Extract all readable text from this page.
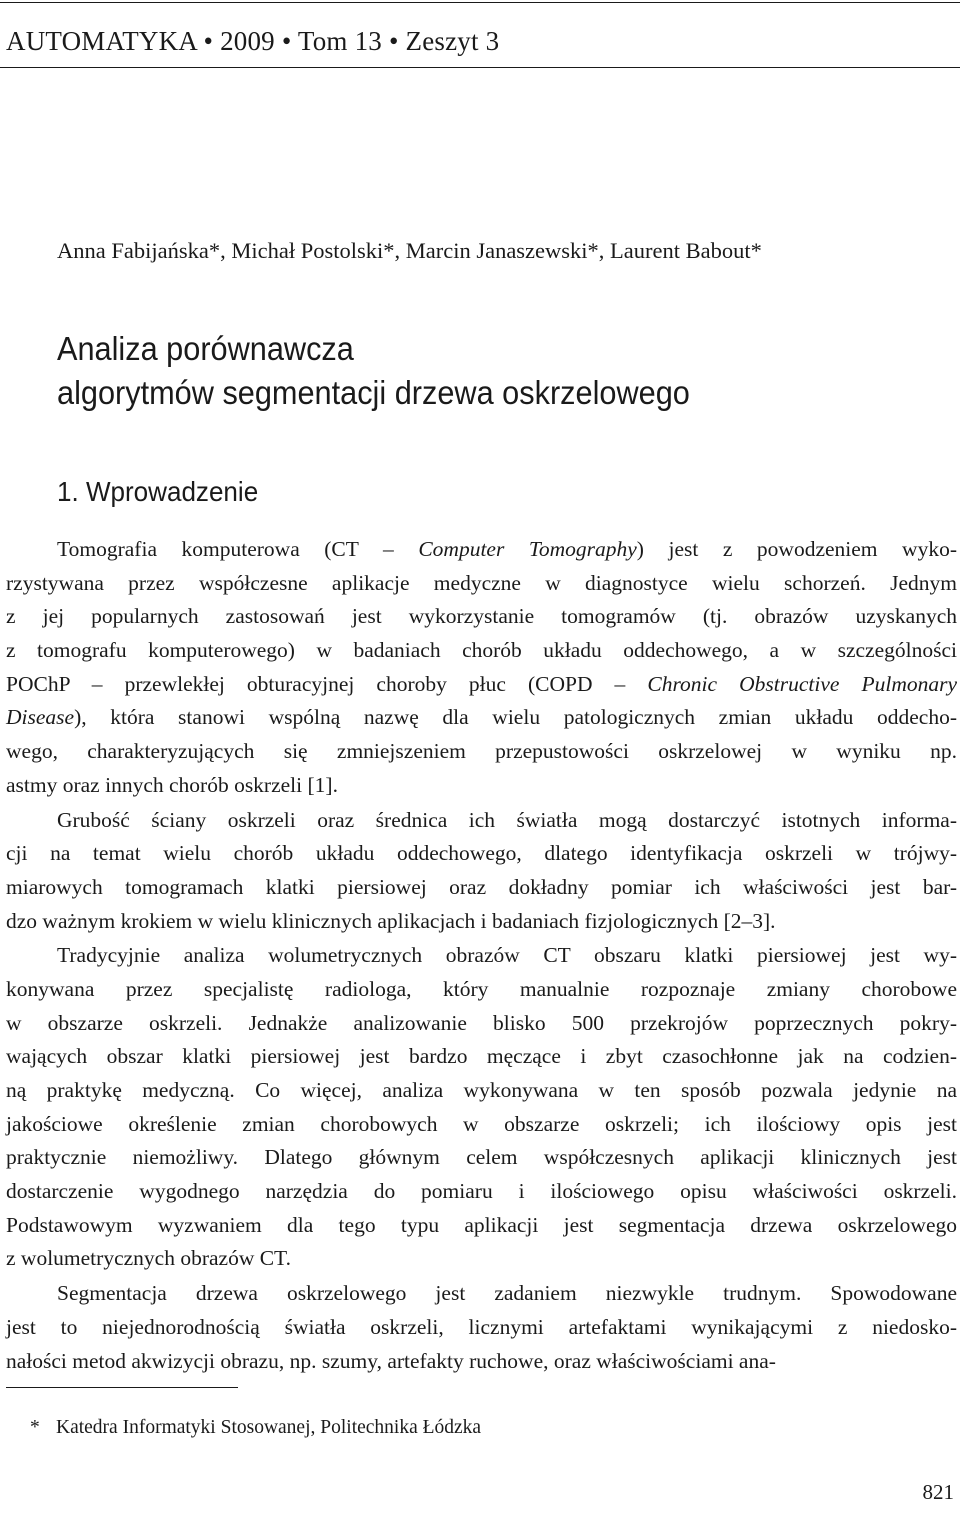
AUTOMATYKA • 2009 • Tom 13 • Zeszyt 3
Anna Fabijańska*, Michał Postolski*, Marcin Janaszewski*, Laurent Babout*
Analiza porównawcza
algorytmów segmentacji drzewa oskrzelowego
1. Wprowadzenie
Tomografia komputerowa (CT – Computer Tomography) jest z powodzeniem wyko-
rzystywana przez współczesne aplikacje medyczne w diagnostyce wielu schorzeń. Jednym
z jej popularnych zastosowań jest wykorzystanie tomogramów (tj. obrazów uzyskanych
z tomografu komputerowego) w badaniach chorób układu oddechowego, a w szczególności
POChP – przewlekłej obturacyjnej choroby płuc (COPD – Chronic Obstructive Pulmonary
Disease), która stanowi wspólną nazwę dla wielu patologicznych zmian układu oddecho-
wego, charakteryzujących się zmniejszeniem przepustowości oskrzelowej w wyniku np.
astmy oraz innych chorób oskrzeli [1].
Grubość ściany oskrzeli oraz średnica ich światła mogą dostarczyć istotnych informa-
cji na temat wielu chorób układu oddechowego, dlatego identyfikacja oskrzeli w trójwy-
miarowych tomogramach klatki piersiowej oraz dokładny pomiar ich właściwości jest bar-
dzo ważnym krokiem w wielu klinicznych aplikacjach i badaniach fizjologicznych [2–3].
Tradycyjnie analiza wolumetrycznych obrazów CT obszaru klatki piersiowej jest wy-
konywana przez specjalistę radiologa, który manualnie rozpoznaje zmiany chorobowe
w obszarze oskrzeli. Jednakże analizowanie blisko 500 przekrojów poprzecznych pokry-
wających obszar klatki piersiowej jest bardzo męczące i zbyt czasochłonne jak na codzien-
ną praktykę medyczną. Co więcej, analiza wykonywana w ten sposób pozwala jedynie na
jakościowe określenie zmian chorobowych w obszarze oskrzeli; ich ilościowy opis jest
praktycznie niemożliwy. Dlatego głównym celem współczesnych aplikacji klinicznych jest
dostarczenie wygodnego narzędzia do pomiaru i ilościowego opisu właściwości oskrzeli.
Podstawowym wyzwaniem dla tego typu aplikacji jest segmentacja drzewa oskrzelowego
z wolumetrycznych obrazów CT.
Segmentacja drzewa oskrzelowego jest zadaniem niezwykle trudnym. Spowodowane
jest to niejednorodnością światła oskrzeli, licznymi artefaktami wynikającymi z niedosko-
nałości metod akwizycji obrazu, np. szumy, artefakty ruchowe, oraz właściwościami ana-
* Katedra Informatyki Stosowanej, Politechnika Łódzka
821
